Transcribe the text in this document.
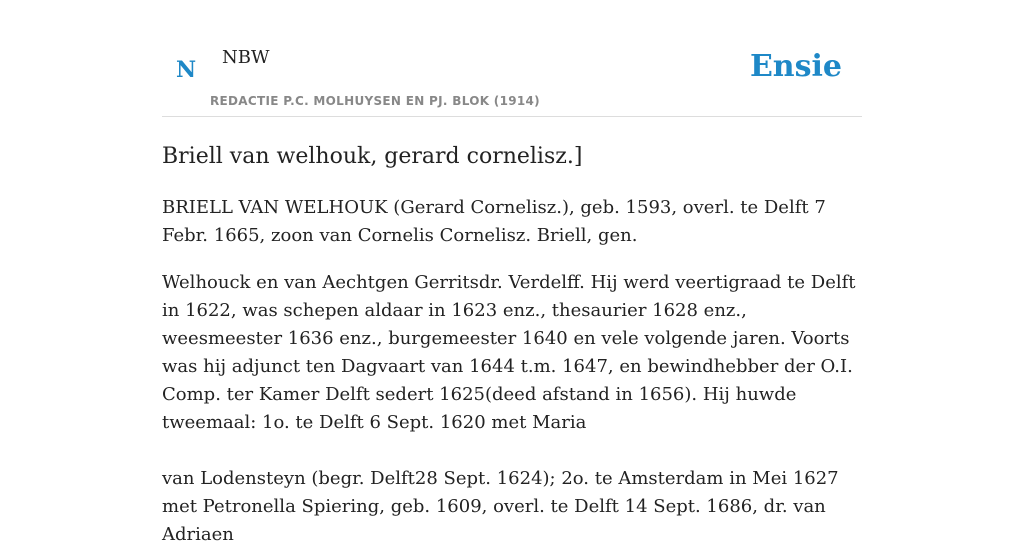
N NBW
REDACTIE P.C. MOLHUYSEN EN PJ. BLOK (1914)
Ensie
Briell van welhouk, gerard cornelisz.]

BRIELL VAN WELHOUK (Gerard Cornelisz.), geb. 1593, overl. te Delft 7 Febr. 1665, zoon van Cornelis Cornelisz. Briell, gen.

Welhouck en van Aechtgen Gerritsdr. Verdelff. Hij werd veertigraad te Delft in 1622, was schepen aldaar in 1623 enz., thesaurier 1628 enz., weesmeester 1636 enz., burgemeester 1640 en vele volgende jaren. Voorts was hij adjunct ten Dagvaart van 1644 t.m. 1647, en bewindhebber der O.I. Comp. ter Kamer Delft sedert 1625(deed afstand in 1656). Hij huwde tweemaal: 1o. te Delft 6 Sept. 1620 met Maria

van Lodensteyn (begr. Delft28 Sept. 1624); 2o. te Amsterdam in Mei 1627 met Petronella Spiering, geb. 1609, overl. te Delft 14 Sept. 1686, dr. van Adriaen
